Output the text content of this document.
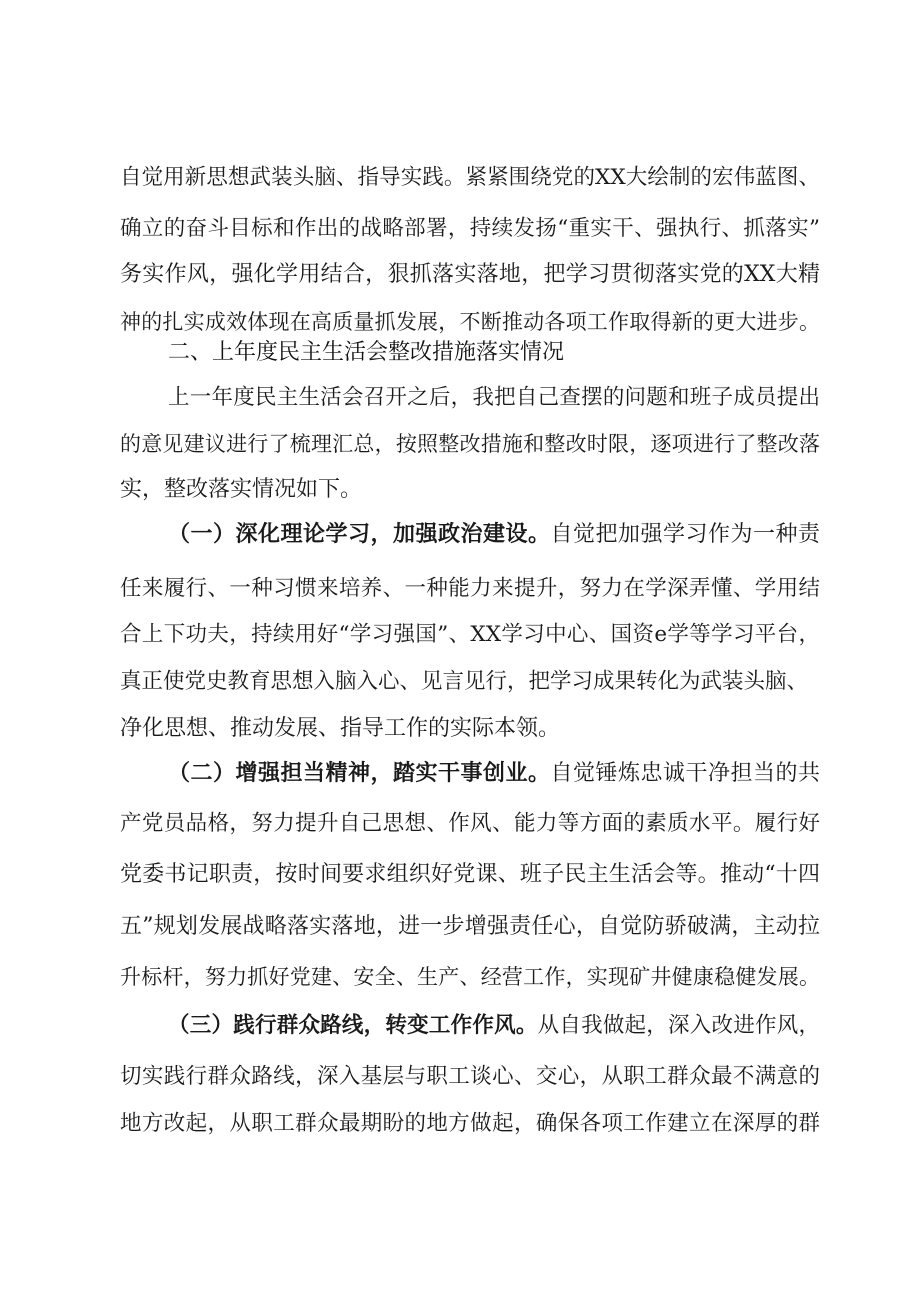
自觉用新思想武装头脑、指导实践。紧紧围绕党的XX大绘制的宏伟蓝图、
确立的奋斗目标和作出的战略部署，持续发扬“重实干、强执行、抓落实”
务实作风，强化学用结合，狠抓落实落地，把学习贯彻落实党的XX大精
神的扎实成效体现在高质量抓发展，不断推动各项工作取得新的更大进步。
二、上年度民主生活会整改措施落实情况
上一年度民主生活会召开之后，我把自己查摆的问题和班子成员提出
的意见建议进行了梳理汇总，按照整改措施和整改时限，逐项进行了整改落
实，整改落实情况如下。
（一）深化理论学习，加强政治建设。自觉把加强学习作为一种责
任来履行、一种习惯来培养、一种能力来提升，努力在学深弄懂、学用结
合上下功夫，持续用好“学习强国”、XX学习中心、国资e学等学习平台，
真正使党史教育思想入脑入心、见言见行，把学习成果转化为武装头脑、
净化思想、推动发展、指导工作的实际本领。
（二）增强担当精神，踏实干事创业。自觉锤炼忠诚干净担当的共
产党员品格，努力提升自己思想、作风、能力等方面的素质水平。履行好
党委书记职责，按时间要求组织好党课、班子民主生活会等。推动“十四
五”规划发展战略落实落地，进一步增强责任心，自觉防骄破满，主动拉
升标杆，努力抓好党建、安全、生产、经营工作，实现矿井健康稳健发展。
（三）践行群众路线，转变工作作风。从自我做起，深入改进作风，
切实践行群众路线，深入基层与职工谈心、交心，从职工群众最不满意的
地方改起，从职工群众最期盼的地方做起，确保各项工作建立在深厚的群
